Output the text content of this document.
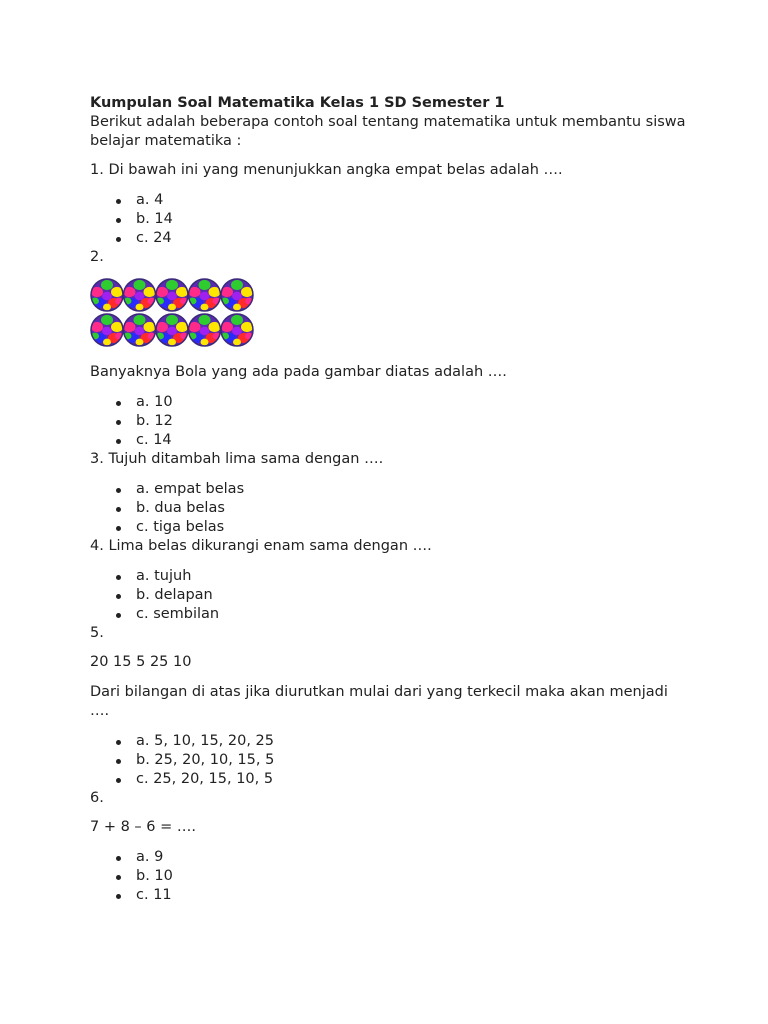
Kumpulan Soal Matematika Kelas 1 SD Semester 1

Berikut adalah beberapa contoh soal tentang matematika untuk membantu siswa belajar matematika :

1. Di bawah ini yang menunjukkan angka empat belas adalah ….

a. 4
b. 14
c. 24

2.

Banyaknya Bola yang ada pada gambar diatas adalah ….

a. 10
b. 12
c. 14

3. Tujuh ditambah lima sama dengan ….

a. empat belas
b. dua belas
c. tiga belas

4. Lima belas dikurangi enam sama dengan ….

a. tujuh
b. delapan
c. sembilan

5.

20 15 5 25 10

Dari bilangan di atas jika diurutkan mulai dari yang terkecil maka akan menjadi ….

a. 5, 10, 15, 20, 25
b. 25, 20, 10, 15, 5
c. 25, 20, 15, 10, 5

6.

7 + 8 – 6 = ….

a. 9
b. 10
c. 11
